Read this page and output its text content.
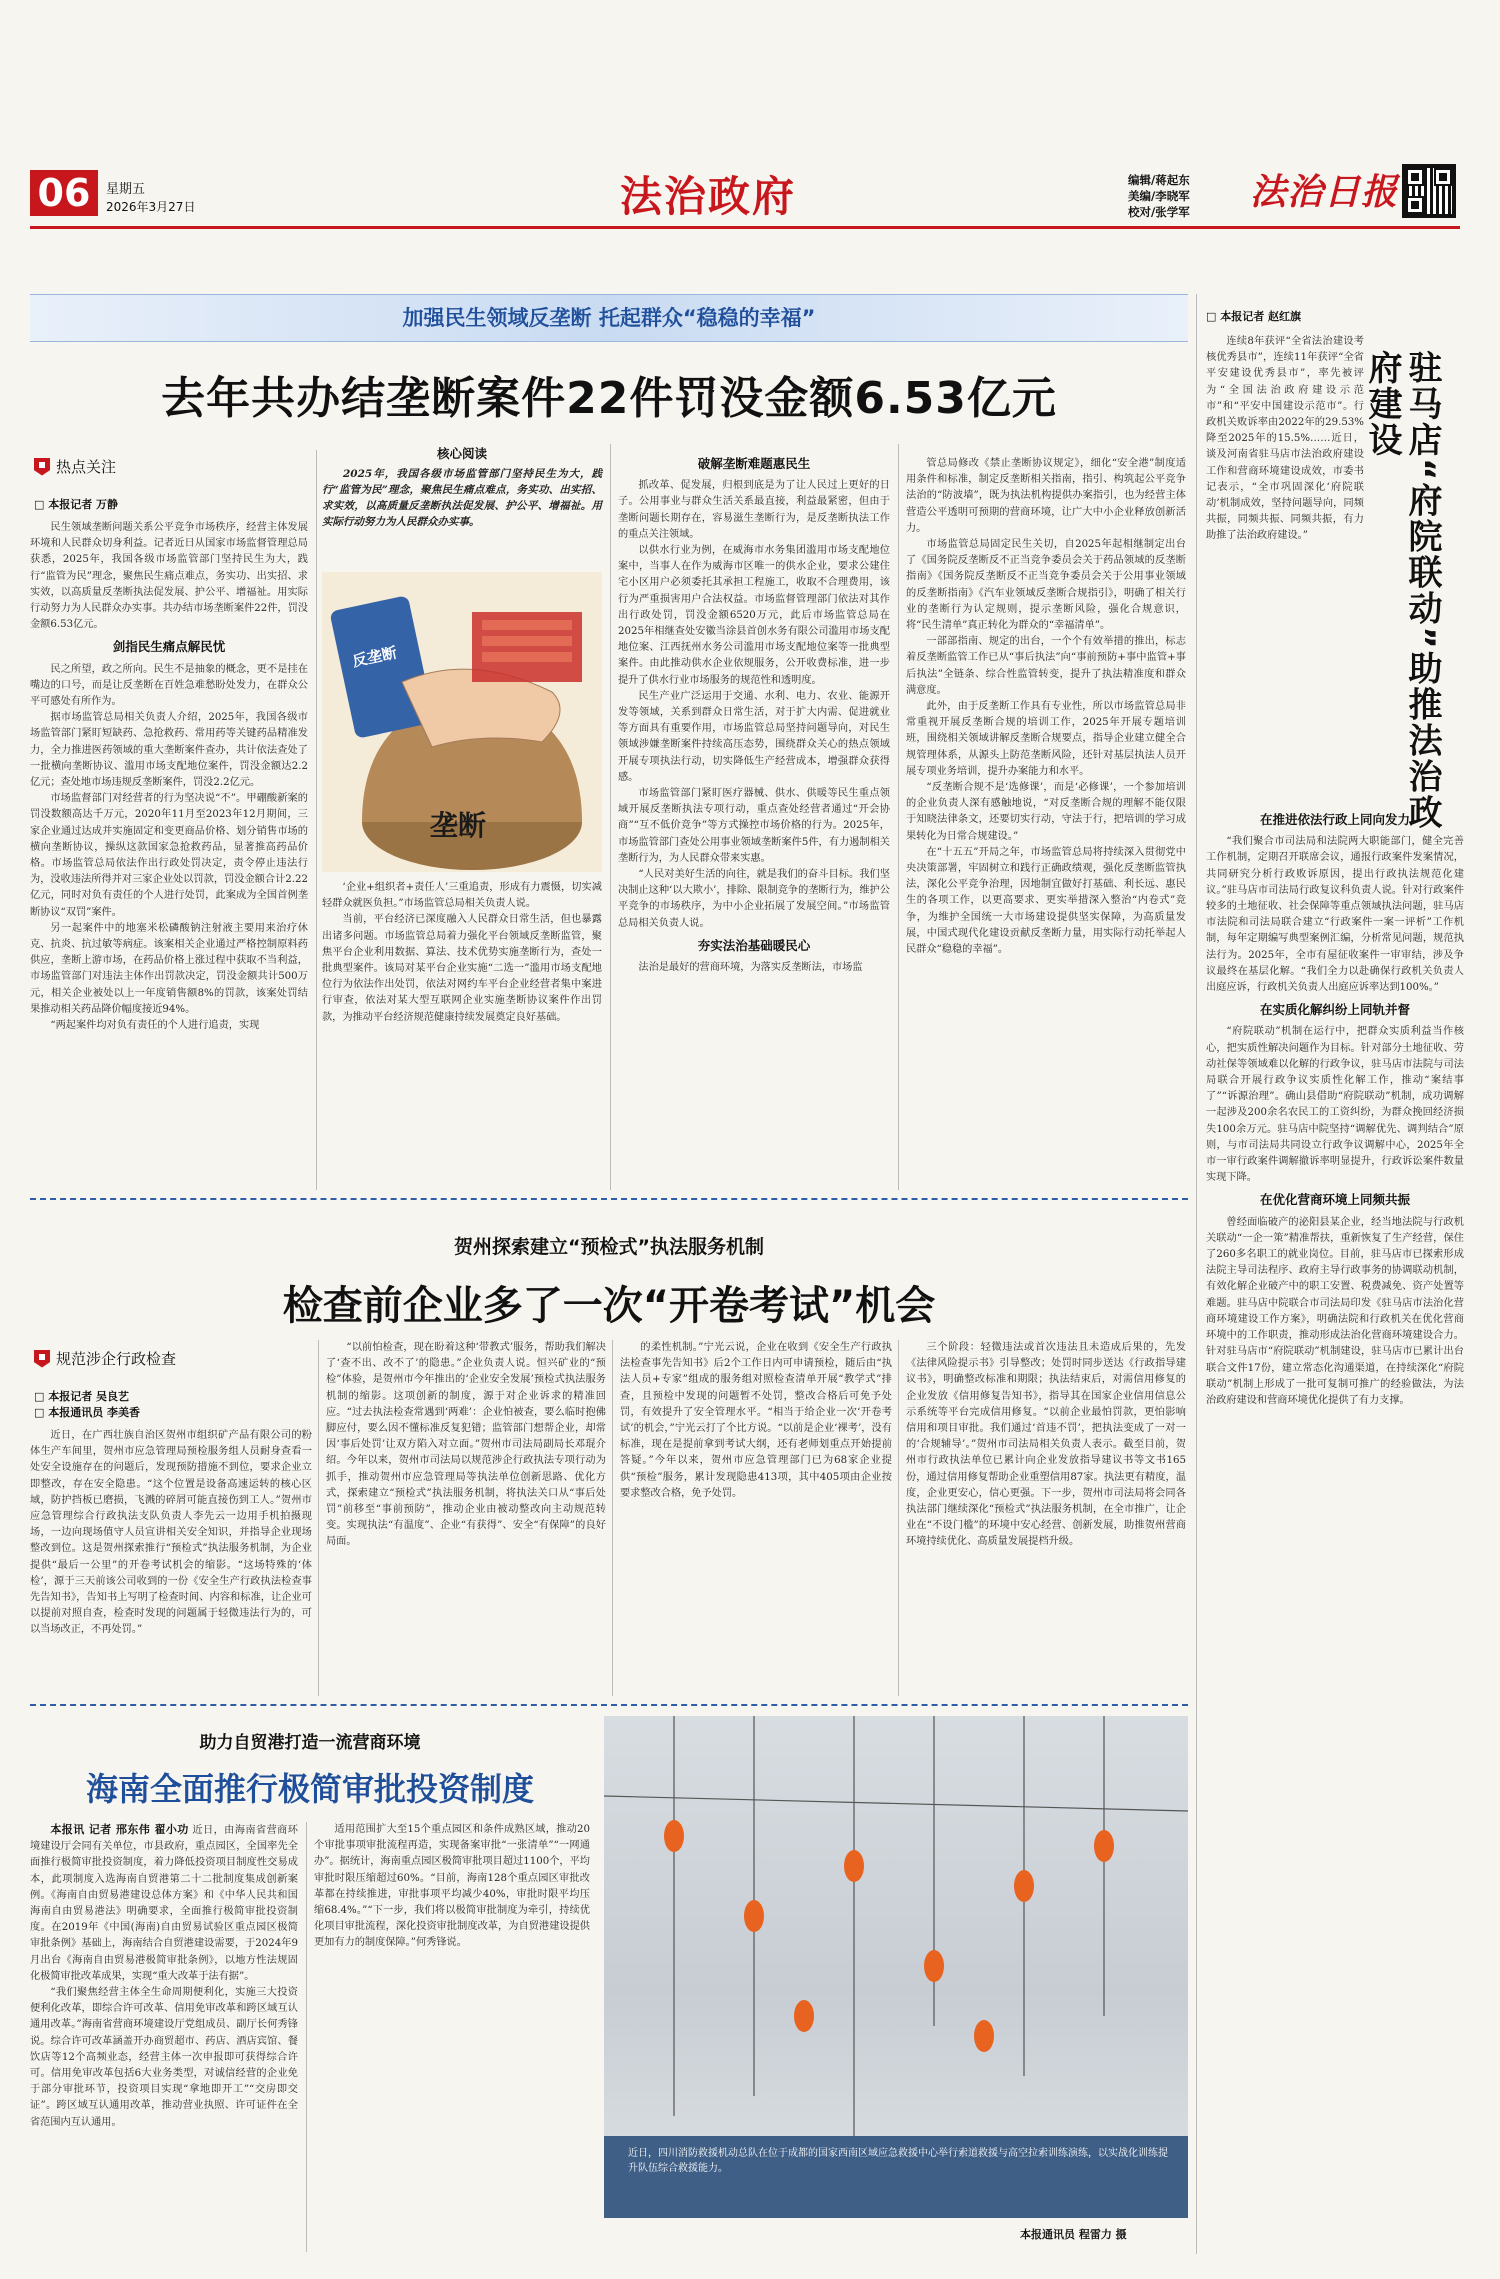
06	星期五
2026年3月27日	法治政府	编辑/蒋起东
美编/李晓军
校对/张学军 法治日报
加强民生领域反垄断 托起群众“稳稳的幸福”
去年共办结垄断案件22件罚没金额6.53亿元
热点关注
□ 本报记者 万静

民生领域垄断问题关系公平竞争市场秩序，经营主体发展环境和人民群众切身利益。记者近日从国家市场监督管理总局获悉，2025年，我国各级市场监管部门坚持民生为大，践行“监管为民”理念，聚焦民生痛点难点，务实功、出实招、求实效，以高质量反垄断执法促发展、护公平、增福祉。用实际行动努力为人民群众办实事。共办结市场垄断案件22件，罚没金额6.53亿元。

剑指民生痛点解民忧

民之所望，政之所向。民生不是抽象的概念，更不是挂在嘴边的口号，而是让反垄断在百姓急难愁盼处发力，在群众公平可感处有所作为。

据市场监管总局相关负责人介绍，2025年，我国各级市场监管部门紧盯短缺药、急抢救药、常用药等关键药品精准发力，全力推进医药领域的重大垄断案件查办，共计依法查处了一批横向垄断协议、滥用市场支配地位案件，罚没金额达2.2亿元；查处地市场违规反垄断案件，罚没2.2亿元。

市场监督部门对经营者的行为坚决说“不”。甲硼酸新案的罚没数额高达千万元，2020年11月至2023年12月期间，三家企业通过达成并实施固定和变更商品价格、划分销售市场的横向垄断协议，操纵这款国家急抢救药品，显著推高药品价格。市场监管总局依法作出行政处罚决定，责令停止违法行为，没收违法所得并对三家企业处以罚款，罚没金额合计2.22亿元，同时对负有责任的个人进行处罚，此案成为全国首例垄断协议“双罚”案件。

另一起案件中的地塞米松磷酸钠注射液主要用来治疗休克、抗炎、抗过敏等病症。该案相关企业通过严格控制原料药供应，垄断上游市场，在药品价格上涨过程中获取不当利益，市场监管部门对违法主体作出罚款决定，罚没金额共计500万元，相关企业被处以上一年度销售额8%的罚款，该案处罚结果推动相关药品降价幅度接近94%。

“两起案件均对负有责任的个人进行追责，实现

核心阅读
2025年，我国各级市场监管部门坚持民生为大，践行“监管为民”理念，聚焦民生痛点难点，务实功、出实招、求实效，以高质量反垄断执法促发展、护公平、增福祉。用实际行动努力为人民群众办实事。
反垄断
垄断

‘企业+组织者+责任人’三重追责，形成有力震慑，切实减轻群众就医负担。”市场监管总局相关负责人说。

当前，平台经济已深度融入人民群众日常生活，但也暴露出诸多问题。市场监管总局着力强化平台领域反垄断监管，聚焦平台企业利用数据、算法、技术优势实施垄断行为，查处一批典型案件。该局对某平台企业实施“二选一”滥用市场支配地位行为依法作出处罚，依法对网约车平台企业经营者集中案进行审查，依法对某大型互联网企业实施垄断协议案件作出罚款，为推动平台经济规范健康持续发展奠定良好基础。

破解垄断难题惠民生

抓改革、促发展，归根到底是为了让人民过上更好的日子。公用事业与群众生活关系最直接，利益最紧密，但由于垄断问题长期存在，容易滋生垄断行为，是反垄断执法工作的重点关注领域。

以供水行业为例，在威海市水务集团滥用市场支配地位案中，当事人在作为威海市区唯一的供水企业，要求公建住宅小区用户必须委托其承担工程施工，收取不合理费用，该行为严重损害用户合法权益。市场监督管理部门依法对其作出行政处罚，罚没金额6520万元，此后市场监管总局在2025年相继查处安徽当涂县首创水务有限公司滥用市场支配地位案、江西抚州水务公司滥用市场支配地位案等一批典型案件。由此推动供水企业依规服务，公开收费标准，进一步提升了供水行业市场服务的规范性和透明度。

民生产业广泛运用于交通、水利、电力、农业、能源开发等领域，关系到群众日常生活，对于扩大内需、促进就业等方面具有重要作用，市场监管总局坚持问题导向，对民生领域涉嫌垄断案件持续高压态势，围绕群众关心的热点领域开展专项执法行动，切实降低生产经营成本，增强群众获得感。

市场监管部门紧盯医疗器械、供水、供暖等民生重点领域开展反垄断执法专项行动，重点查处经营者通过“开会协商”“互不低价竞争”等方式操控市场价格的行为。2025年，市场监管部门查处公用事业领域垄断案件5件，有力遏制相关垄断行为，为人民群众带来实惠。

“人民对美好生活的向往，就是我们的奋斗目标。我们坚决制止这种‘以大欺小’，排除、限制竞争的垄断行为，维护公平竞争的市场秩序，为中小企业拓展了发展空间。”市场监管总局相关负责人说。

夯实法治基础暖民心

法治是最好的营商环境，为落实反垄断法，市场监

管总局修改《禁止垄断协议规定》，细化“安全港”制度适用条件和标准，制定反垄断相关指南，指引、构筑起公平竞争法治的“防波墙”，既为执法机构提供办案指引，也为经营主体营造公平透明可预期的营商环境，让广大中小企业释放创新活力。

市场监管总局固定民生关切，自2025年起相继制定出台了《国务院反垄断反不正当竞争委员会关于药品领域的反垄断指南》《国务院反垄断反不正当竞争委员会关于公用事业领域的反垄断指南》《汽车业领域反垄断合规指引》，明确了相关行业的垄断行为认定规则，提示垄断风险，强化合规意识，将“民生清单”真正转化为群众的“幸福清单”。

一部部指南、规定的出台，一个个有效举措的推出，标志着反垄断监管工作已从“事后执法”向“事前预防+事中监管+事后执法”全链条、综合性监管转变，提升了执法精准度和群众满意度。

此外，由于反垄断工作具有专业性，所以市场监管总局非常重视开展反垄断合规的培训工作，2025年开展专题培训班，围绕相关领域讲解反垄断合规要点，指导企业建立健全合规管理体系，从源头上防范垄断风险，还针对基层执法人员开展专项业务培训，提升办案能力和水平。

“反垄断合规不是‘选修课’，而是‘必修课’，一个参加培训的企业负责人深有感触地说，“对反垄断合规的理解不能仅限于知晓法律条文，还要切实行动，守法于行，把培训的学习成果转化为日常合规建设。”

在“十五五”开局之年，市场监管总局将持续深入贯彻党中央决策部署，牢固树立和践行正确政绩观，强化反垄断监管执法，深化公平竞争治理，因地制宜做好打基础、利长远、惠民生的各项工作，以更高要求、更实举措深入整治“内卷式”竞争，为维护全国统一大市场建设提供坚实保障，为高质量发展，中国式现代化建设贡献反垄断力量，用实际行动托举起人民群众“稳稳的幸福”。

贺州探索建立“预检式”执法服务机制
检查前企业多了一次“开卷考试”机会
规范涉企行政检查
□ 本报记者 吴良艺
□ 本报通讯员 李美香

近日，在广西壮族自治区贺州市组织矿产品有限公司的粉体生产车间里，贺州市应急管理局预检服务组人员耐身查看一处安全设施存在的问题后，发现预防措施不到位，要求企业立即整改，存在安全隐患。“这个位置是设备高速运转的核心区域，防护挡板已磨损，飞溅的碎屑可能直接伤到工人。”贺州市应急管理综合行政执法支队负责人李先云一边用手机拍摄现场，一边向现场值守人员宣讲相关安全知识，并指导企业现场整改到位。这是贺州探索推行“预检式”执法服务机制，为企业提供“最后一公里”的开卷考试机会的缩影。“这场特殊的‘体检’，源于三天前该公司收到的一份《安全生产行政执法检查事先告知书》，告知书上写明了检查时间、内容和标准，让企业可以提前对照自查，检查时发现的问题属于轻微违法行为的，可以当场改正，不再处罚。”

“以前怕检查，现在盼着这种‘带教式’服务，帮助我们解决了‘查不出、改不了’的隐患。”企业负责人说。恒兴矿业的“预检”体验，是贺州市今年推出的‘企业安全发展’预检式执法服务机制的缩影。这项创新的制度，源于对企业诉求的精准回应。“过去执法检查常遇到‘两难’：企业怕被查，要么临时抱佛脚应付，要么因不懂标准反复犯错；监管部门想帮企业，却常因‘事后处罚’让双方陷入对立面。”贺州市司法局副局长邓琨介绍。今年以来，贺州市司法局以规范涉企行政执法专项行动为抓手，推动贺州市应急管理局等执法单位创新思路、优化方式，探索建立“预检式”执法服务机制，将执法关口从“事后处罚”前移至“事前预防”，推动企业由被动整改向主动规范转变。实现执法“有温度”、企业“有获得”、安全“有保障”的良好局面。

的柔性机制。”宁光云说，企业在收到《安全生产行政执法检查事先告知书》后2个工作日内可申请预检，随后由“执法人员+专家”组成的服务组对照检查清单开展“教学式”排查，且预检中发现的问题暂不处罚，整改合格后可免予处罚，有效提升了安全管理水平。“相当于给企业一次‘开卷考试’的机会，”宁光云打了个比方说。“以前是企业‘裸考’，没有标准，现在是提前拿到考试大纲，还有老师划重点开始提前答疑。”今年以来，贺州市应急管理部门已为68家企业提供“预检”服务，累计发现隐患413项，其中405项由企业按要求整改合格，免予处罚。

三个阶段：轻微违法或首次违法且未造成后果的，先发《法律风险提示书》引导整改；处罚时同步送达《行政指导建议书》，明确整改标准和期限；执法结束后，对需信用修复的企业发放《信用修复告知书》，指导其在国家企业信用信息公示系统等平台完成信用修复。“以前企业最怕罚款，更怕影响信用和项目审批。我们通过‘首违不罚’，把执法变成了一对一的‘合规辅导’。”贺州市司法局相关负责人表示。截至目前，贺州市行政执法单位已累计向企业发放指导建议书等文书165份，通过信用修复帮助企业重塑信用87家。执法更有精度，温度，企业更安心，信心更强。下一步，贺州市司法局将会同各执法部门继续深化“预检式”执法服务机制，在全市推广，让企业在“不设门槛”的环境中安心经营、创新发展，助推贺州营商环境持续优化、高质量发展提档升级。

助力自贸港打造一流营商环境
海南全面推行极简审批投资制度

本报讯 记者 邢东伟 翟小功 近日，由海南省营商环境建设厅会同有关单位，市县政府，重点园区，全国率先全面推行极简审批投资制度，着力降低投资项目制度性交易成本，此项制度入选海南自贸港第二十二批制度集成创新案例。《海南自由贸易港建设总体方案》和《中华人民共和国海南自由贸易港法》明确要求，全面推行极简审批投资制度。在2019年《中国(海南)自由贸易试验区重点园区极简审批条例》基础上，海南结合自贸港建设需要，于2024年9月出台《海南自由贸易港极简审批条例》，以地方性法规固化极简审批改革成果，实现“重大改革于法有据”。

“我们聚焦经营主体全生命周期便利化，实施三大投资便利化改革，即综合许可改革、信用免审改革和跨区域互认通用改革。”海南省营商环境建设厅党组成员、副厅长何秀锋说。综合许可改革涵盖开办商贸超市、药店、酒店宾馆、餐饮店等12个高频业态，经营主体一次申报即可获得综合许可。信用免审改革包括6大业务类型，对诚信经营的企业免于部分审批环节，投资项目实现“拿地即开工”“交房即交证”。跨区域互认通用改革，推动营业执照、许可证件在全省范围内互认通用。

适用范围扩大至15个重点园区和条件成熟区域，推动20个审批事项审批流程再造，实现备案审批“一张清单”“一网通办”。据统计，海南重点园区极简审批项目超过1100个，平均审批时限压缩超过60%。“目前，海南128个重点园区审批改革都在持续推进，审批事项平均减少40%，审批时限平均压缩68.4%。”“下一步，我们将以极简审批制度为牵引，持续优化项目审批流程，深化投资审批制度改革，为自贸港建设提供更加有力的制度保障。”何秀锋说。

近日，四川消防救援机动总队在位于成都的国家西南区域应急救援中心举行索道救援与高空拉索训练演练，以实战化训练提升队伍综合救援能力。
本报通讯员 程雷力 摄
□ 本报记者 赵红旗

连续8年获评“全省法治建设考核优秀县市”，连续11年获评“全省平安建设优秀县市”，率先被评为“全国法治政府建设示范市”和“平安中国建设示范市”。行政机关败诉率由2022年的29.53%降至2025年的15.5%……近日，谈及河南省驻马店市法治政府建设工作和营商环境建设成效，市委书记表示，“全市巩固深化‘府院联动’机制成效，坚持问题导向，同频共振，同频共振、同频共振，有力助推了法治政府建设。”	驻马店“府院联动”助推法治政府建设
在推进依法行政上同向发力

“我们聚合市司法局和法院两大职能部门，健全完善工作机制，定期召开联席会议，通报行政案件发案情况，共同研究分析行政败诉原因，提出行政执法规范化建议。”驻马店市司法局行政复议科负责人说。针对行政案件较多的土地征收、社会保障等重点领域执法问题，驻马店市法院和司法局联合建立“行政案件一案一评析”工作机制，每年定期编写典型案例汇编，分析常见问题，规范执法行为。2025年，全市有屋征收案件一审审结，涉及争议最终在基层化解。“我们全力以赴确保行政机关负责人出庭应诉，行政机关负责人出庭应诉率达到100%。”

在实质化解纠纷上同轨并督

“府院联动”机制在运行中，把群众实质利益当作核心，把实质性解决问题作为目标。针对部分土地征收、劳动社保等领域难以化解的行政争议，驻马店市法院与司法局联合开展行政争议实质性化解工作，推动“案结事了”“诉源治理”。确山县借助“府院联动”机制，成功调解一起涉及200余名农民工的工资纠纷，为群众挽回经济损失100余万元。驻马店中院坚持“调解优先、调判结合”原则，与市司法局共同设立行政争议调解中心，2025年全市一审行政案件调解撤诉率明显提升，行政诉讼案件数量实现下降。

在优化营商环境上同频共振

曾经面临破产的泌阳县某企业，经当地法院与行政机关联动“一企一策”精准帮扶，重新恢复了生产经营，保住了260多名职工的就业岗位。目前，驻马店市已探索形成法院主导司法程序、政府主导行政事务的协调联动机制，有效化解企业破产中的职工安置、税费减免、资产处置等难题。驻马店中院联合市司法局印发《驻马店市法治化营商环境建设工作方案》，明确法院和行政机关在优化营商环境中的工作职责，推动形成法治化营商环境建设合力。针对驻马店市“府院联动”机制建设，驻马店市已累计出台联合文件17份，建立常态化沟通渠道，在持续深化“府院联动”机制上形成了一批可复制可推广的经验做法，为法治政府建设和营商环境优化提供了有力支撑。
